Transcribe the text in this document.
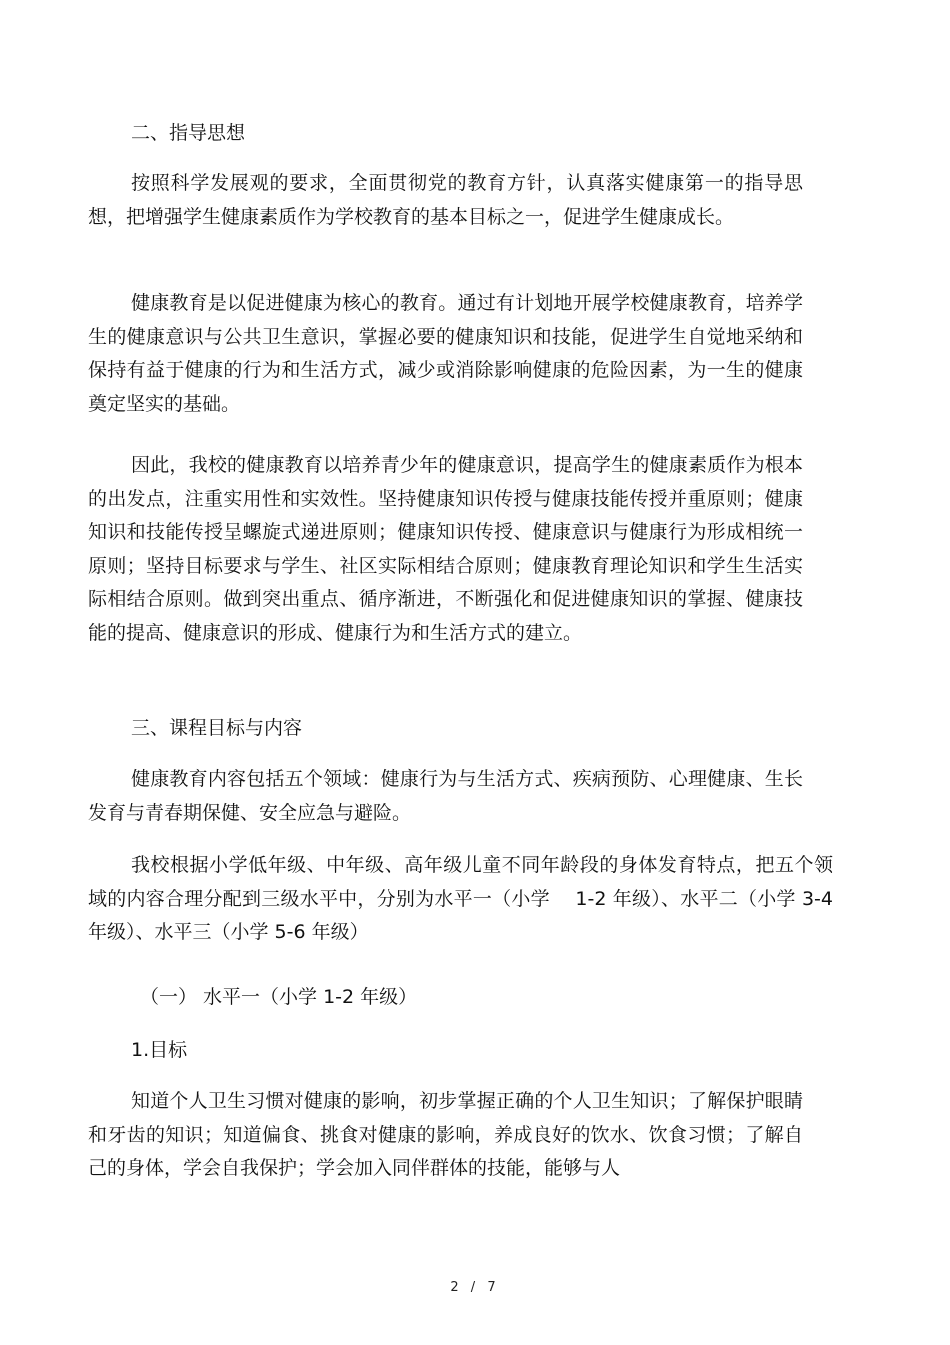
二、指导思想

按照科学发展观的要求，全面贯彻党的教育方针，认真落实健康第一的指导思想，把增强学生健康素质作为学校教育的基本目标之一，促进学生健康成长。

健康教育是以促进健康为核心的教育。通过有计划地开展学校健康教育，培养学生的健康意识与公共卫生意识，掌握必要的健康知识和技能，促进学生自觉地采纳和保持有益于健康的行为和生活方式，减少或消除影响健康的危险因素，为一生的健康奠定坚实的基础。

因此，我校的健康教育以培养青少年的健康意识，提高学生的健康素质作为根本的出发点，注重实用性和实效性。坚持健康知识传授与健康技能传授并重原则；健康知识和技能传授呈螺旋式递进原则；健康知识传授、健康意识与健康行为形成相统一原则；坚持目标要求与学生、社区实际相结合原则；健康教育理论知识和学生生活实际相结合原则。做到突出重点、循序渐进，不断强化和促进健康知识的掌握、健康技能的提高、健康意识的形成、健康行为和生活方式的建立。

三、课程目标与内容

健康教育内容包括五个领域：健康行为与生活方式、疾病预防、心理健康、生长发育与青春期保健、安全应急与避险。

我校根据小学低年级、中年级、高年级儿童不同年龄段的身体发育特点，把五个领域的内容合理分配到三级水平中，分别为水平一（小学　 1-2 年级）、水平二（小学 3-4 年级）、水平三（小学 5-6 年级）

（一） 水平一（小学 1-2 年级）

1.目标

知道个人卫生习惯对健康的影响，初步掌握正确的个人卫生知识；了解保护眼睛和牙齿的知识；知道偏食、挑食对健康的影响，养成良好的饮水、饮食习惯；了解自己的身体，学会自我保护；学会加入同伴群体的技能，能够与人

2 / 7
